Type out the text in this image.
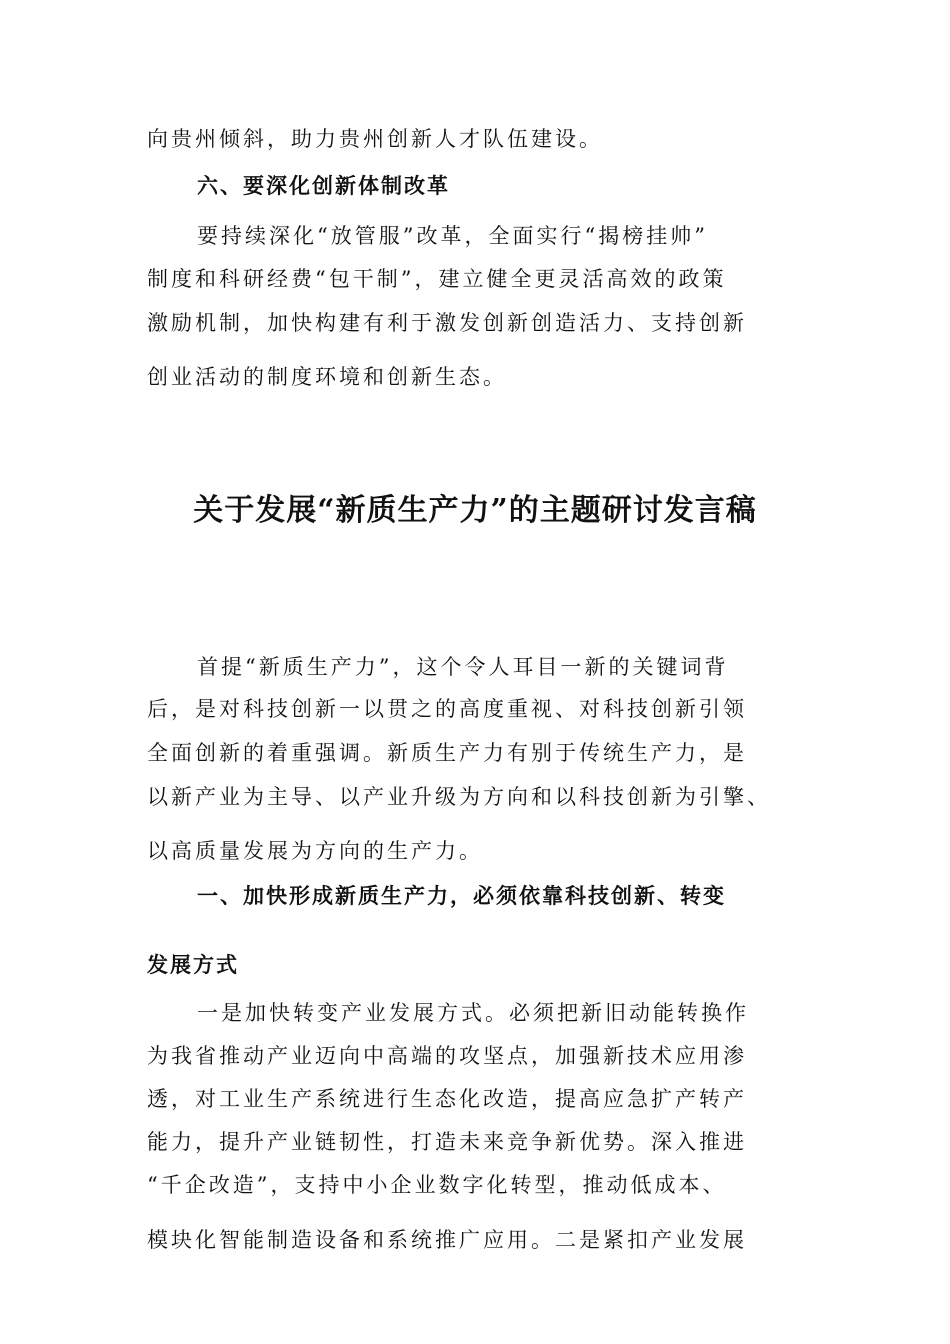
向贵州倾斜，助力贵州创新人才队伍建设。
六、要深化创新体制改革
要持续深化“放管服”改革，全面实行“揭榜挂帅”
制度和科研经费“包干制”，建立健全更灵活高效的政策
激励机制，加快构建有利于激发创新创造活力、支持创新
创业活动的制度环境和创新生态。
关于发展“新质生产力”的主题研讨发言稿
首提“新质生产力”，这个令人耳目一新的关键词背
后，是对科技创新一以贯之的高度重视、对科技创新引领
全面创新的着重强调。新质生产力有别于传统生产力，是
以新产业为主导、以产业升级为方向和以科技创新为引擎、
以高质量发展为方向的生产力。
一、加快形成新质生产力，必须依靠科技创新、转变
发展方式
一是加快转变产业发展方式。必须把新旧动能转换作
为我省推动产业迈向中高端的攻坚点，加强新技术应用渗
透，对工业生产系统进行生态化改造，提高应急扩产转产
能力，提升产业链韧性，打造未来竞争新优势。深入推进
“千企改造”，支持中小企业数字化转型，推动低成本、
模块化智能制造设备和系统推广应用。二是紧扣产业发展
